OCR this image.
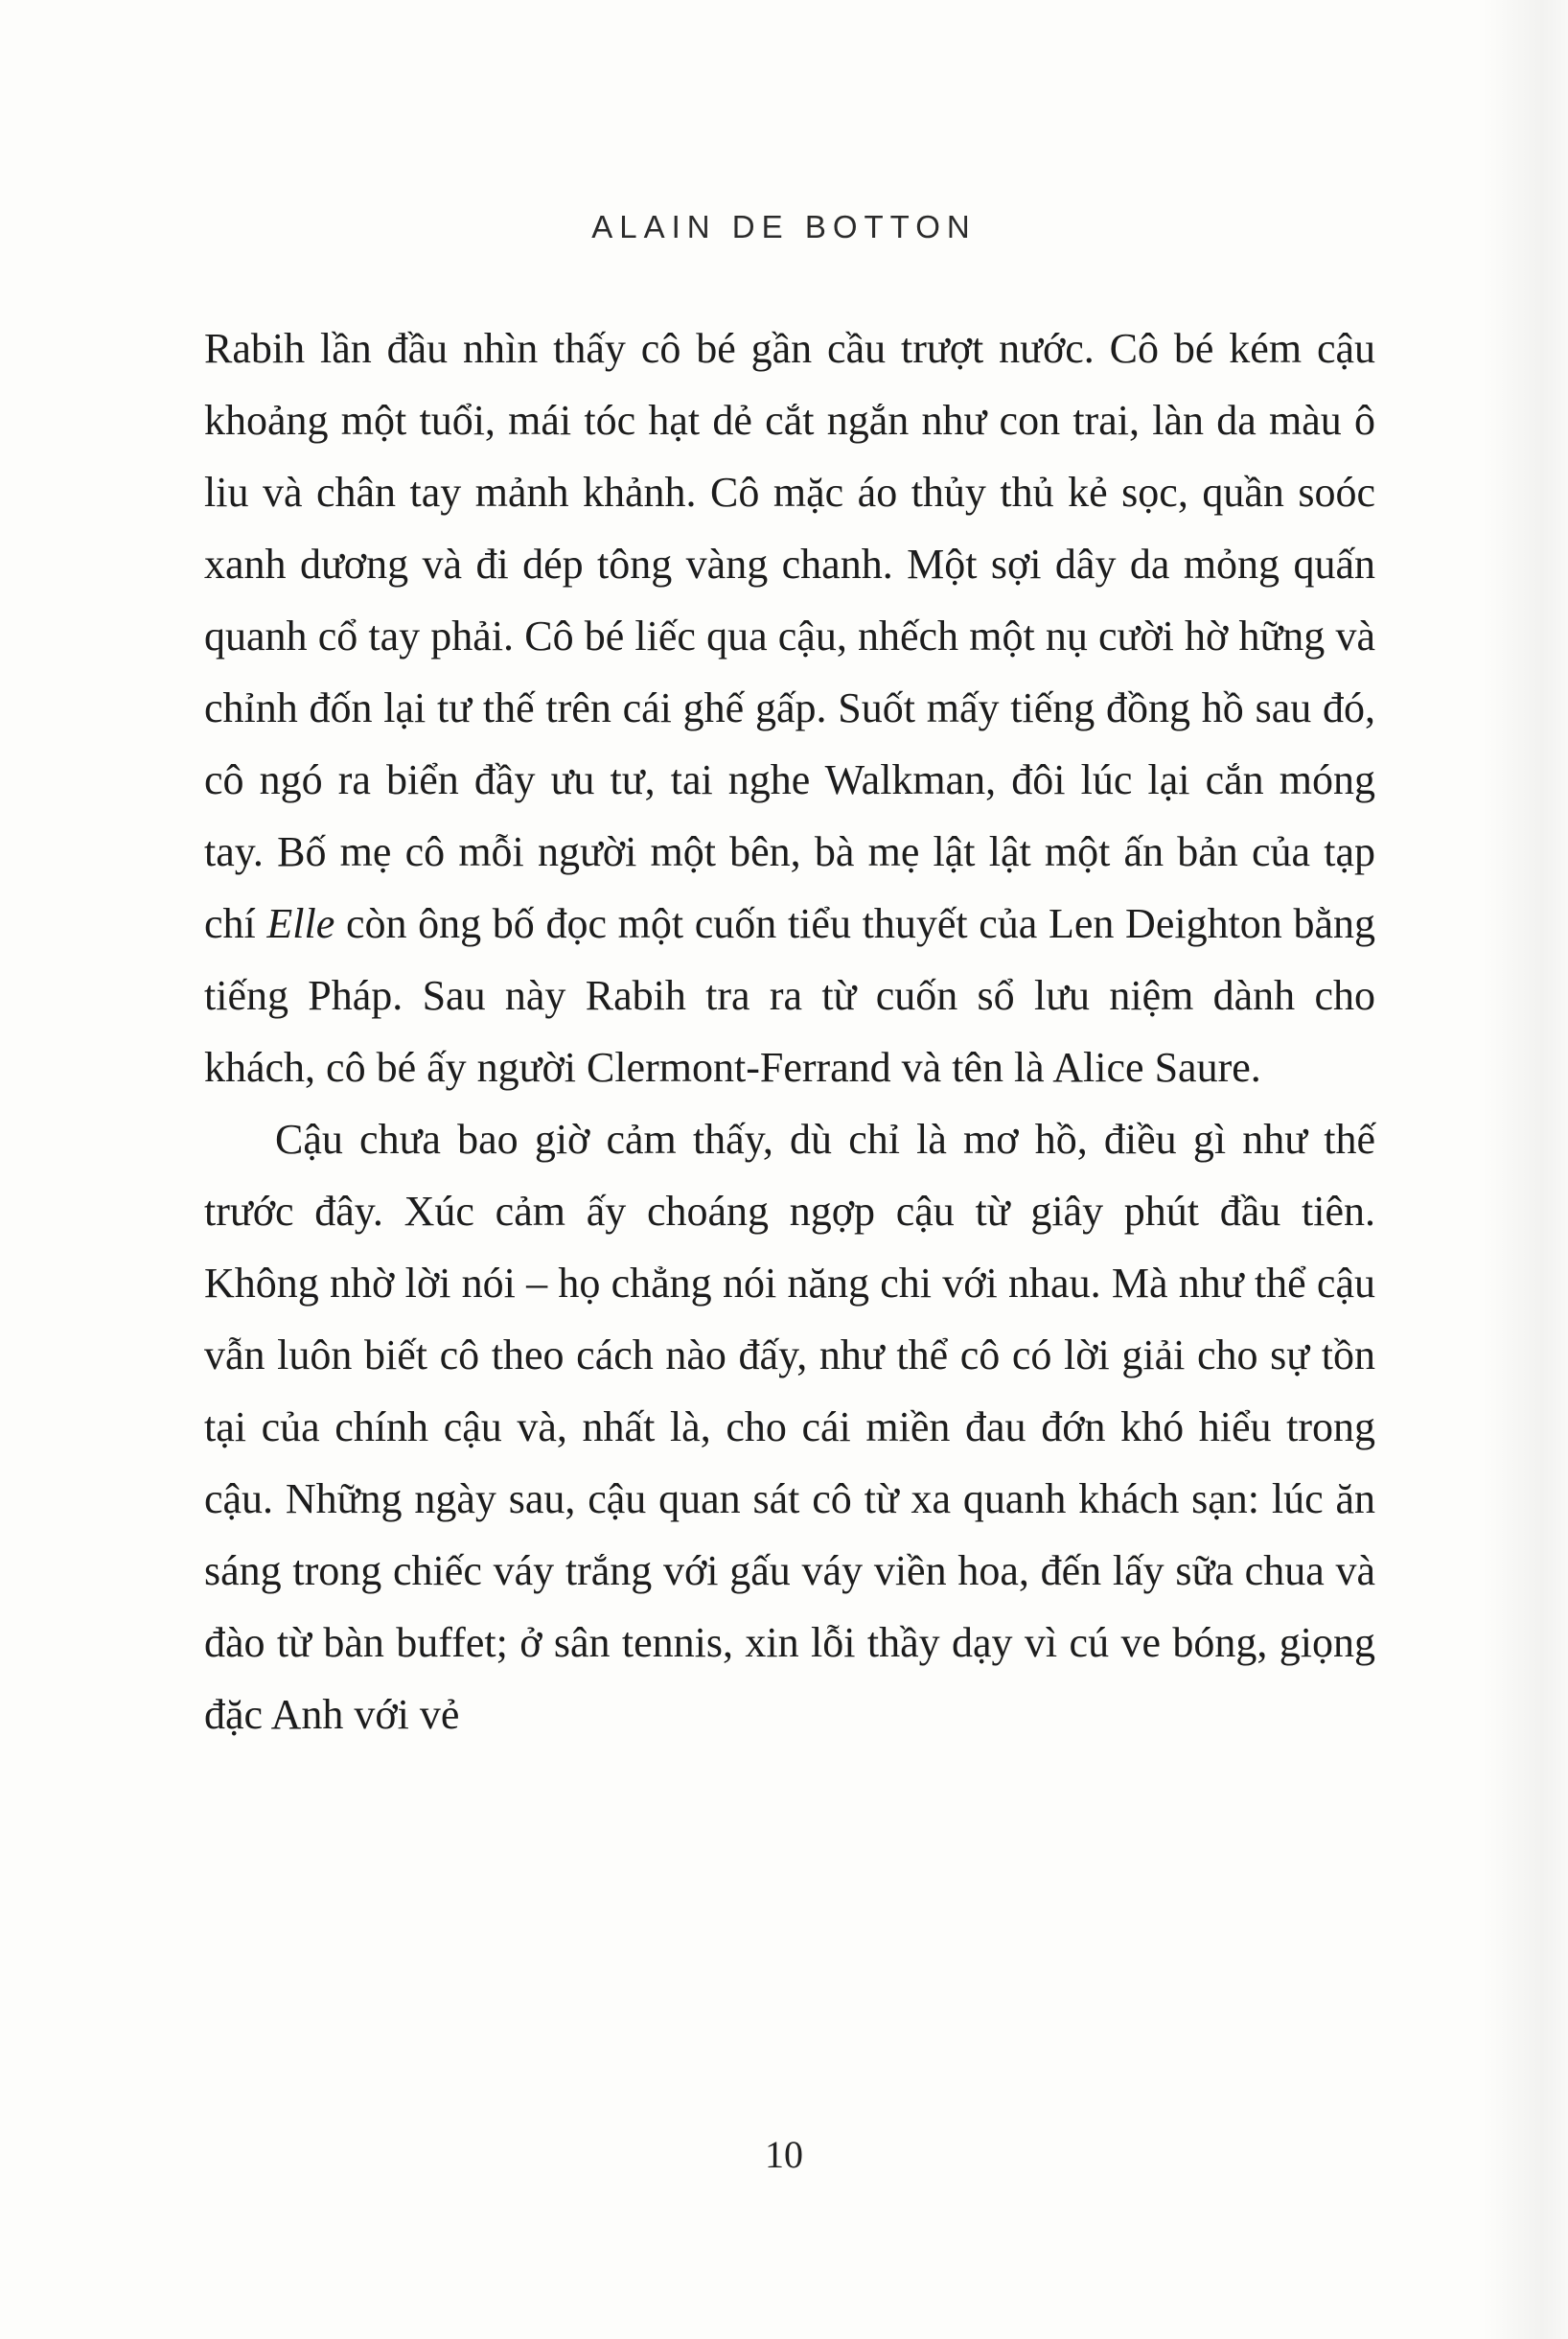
ALAIN DE BOTTON

Rabih lần đầu nhìn thấy cô bé gần cầu trượt nước. Cô bé kém cậu khoảng một tuổi, mái tóc hạt dẻ cắt ngắn như con trai, làn da màu ô liu và chân tay mảnh khảnh. Cô mặc áo thủy thủ kẻ sọc, quần soóc xanh dương và đi dép tông vàng chanh. Một sợi dây da mỏng quấn quanh cổ tay phải. Cô bé liếc qua cậu, nhếch một nụ cười hờ hững và chỉnh đốn lại tư thế trên cái ghế gấp. Suốt mấy tiếng đồng hồ sau đó, cô ngó ra biển đầy ưu tư, tai nghe Walkman, đôi lúc lại cắn móng tay. Bố mẹ cô mỗi người một bên, bà mẹ lật lật một ấn bản của tạp chí Elle còn ông bố đọc một cuốn tiểu thuyết của Len Deighton bằng tiếng Pháp. Sau này Rabih tra ra từ cuốn sổ lưu niệm dành cho khách, cô bé ấy người Clermont-Ferrand và tên là Alice Saure.

Cậu chưa bao giờ cảm thấy, dù chỉ là mơ hồ, điều gì như thế trước đây. Xúc cảm ấy choáng ngợp cậu từ giây phút đầu tiên. Không nhờ lời nói – họ chẳng nói năng chi với nhau. Mà như thể cậu vẫn luôn biết cô theo cách nào đấy, như thể cô có lời giải cho sự tồn tại của chính cậu và, nhất là, cho cái miền đau đớn khó hiểu trong cậu. Những ngày sau, cậu quan sát cô từ xa quanh khách sạn: lúc ăn sáng trong chiếc váy trắng với gấu váy viền hoa, đến lấy sữa chua và đào từ bàn buffet; ở sân tennis, xin lỗi thầy dạy vì cú ve bóng, giọng đặc Anh với vẻ

10
